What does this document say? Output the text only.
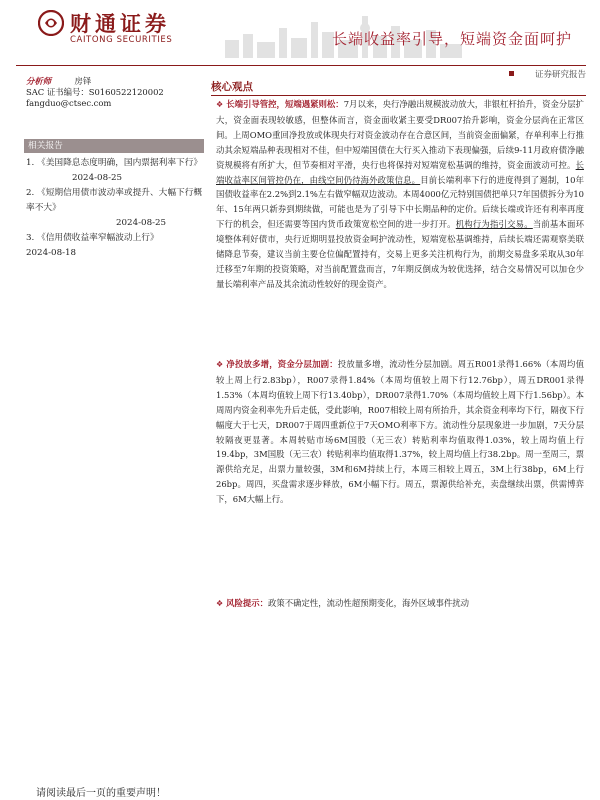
财通证券
CAITONG SECURITIES	长端收益率引导，短端资金面呵护
证券研究报告
分析师	房铎
SAC 证书编号：S0160522120002
fangduo@ctsec.com
相关报告
1. 《美国降息态度明确，国内票据利率下行》
2024-08-25
2. 《短期信用债市波动率或提升、大幅下行概率不大》
2024-08-25
3. 《信用债收益率窄幅波动上行》
2024-08-18
核心观点
❖ 长端引导管控，短端遇紧则松：7月以来，央行净融出规模波动放大，非银杠杆抬升，资金分层扩大，资金面表现较敏感，但整体而言，资金面收紧主要受DR007抬升影响，资金分层尚在正常区间。上周OMO重回净投放或体现央行对资金波动存在合意区间，当前资金面偏紧，存单利率上行推动其余短端品种表现相对不佳，但中短端国债在大行买入推动下表现偏强，后续9-11月政府债净融资规模将有所扩大，但节奏相对平滑，央行也将保持对短端宽松基调的维持，资金面波动可控。长端收益率区间管控仍在，由线空间仍待海外政策信息。目前长端利率下行的进度得到了遏制，10年国债收益率在2.2%到2.1%左右做窄幅双边波动。本周4000亿元特别国债把单只7年国债拆分为10年、15年两只新券到期续做，可能也是为了引导下中长期品种的定价。后续长端或许还有利率再度下行的机会，但还需要等国内货币政策宽松空间的进一步打开。机构行为指引交易。当前基本面环境整体利好债市，央行近期明显投放资金呵护流动性，短端宽松基调维持，后续长端还需观察美联储降息节奏，建议当前主要仓位偏配置持有，交易上更多关注机构行为，前期交易盘多采取从30年迁移至7年期的投资策略，对当前配置盘而言，7年期反倒成为较优选择，结合交易情况可以加仓少量长端利率产品及其余流动性较好的现金资产。
❖ 净投放多增，资金分层加剧：投放量多增，流动性分层加剧。周五R001录得1.66%（本周均值较上周上行2.83bp），R007录得1.84%（本周均值较上周下行12.76bp），周五DR001录得1.53%（本周均值较上周下行13.40bp），DR007录得1.70%（本周均值较上周下行1.56bp）。本周周内资金利率先升后走低，受此影响，R007相较上周有所抬升，其余资金利率均下行，隔夜下行幅度大于七天，DR007于周四重新位于7天OMO利率下方。流动性分层现象进一步加剧，7天分层较隔夜更显著。本周转贴市场6M国股（无三农）转贴利率均值取得1.03%，较上周均值上行19.4bp，3M国股（无三农）转贴利率均值取得1.37%，较上周均值上行38.2bp。周一至周三，票源供给充足，出票力量较强，3M和6M持续上行，本周三相较上周五，3M上行38bp，6M上行26bp。周四，买盘需求逐步释放，6M小幅下行。周五，票源供给补充，卖盘继续出票，供需博弈下，6M大幅上行。
❖ 风险提示：政策不确定性，流动性超预期变化，海外区域事件扰动
请阅读最后一页的重要声明！
